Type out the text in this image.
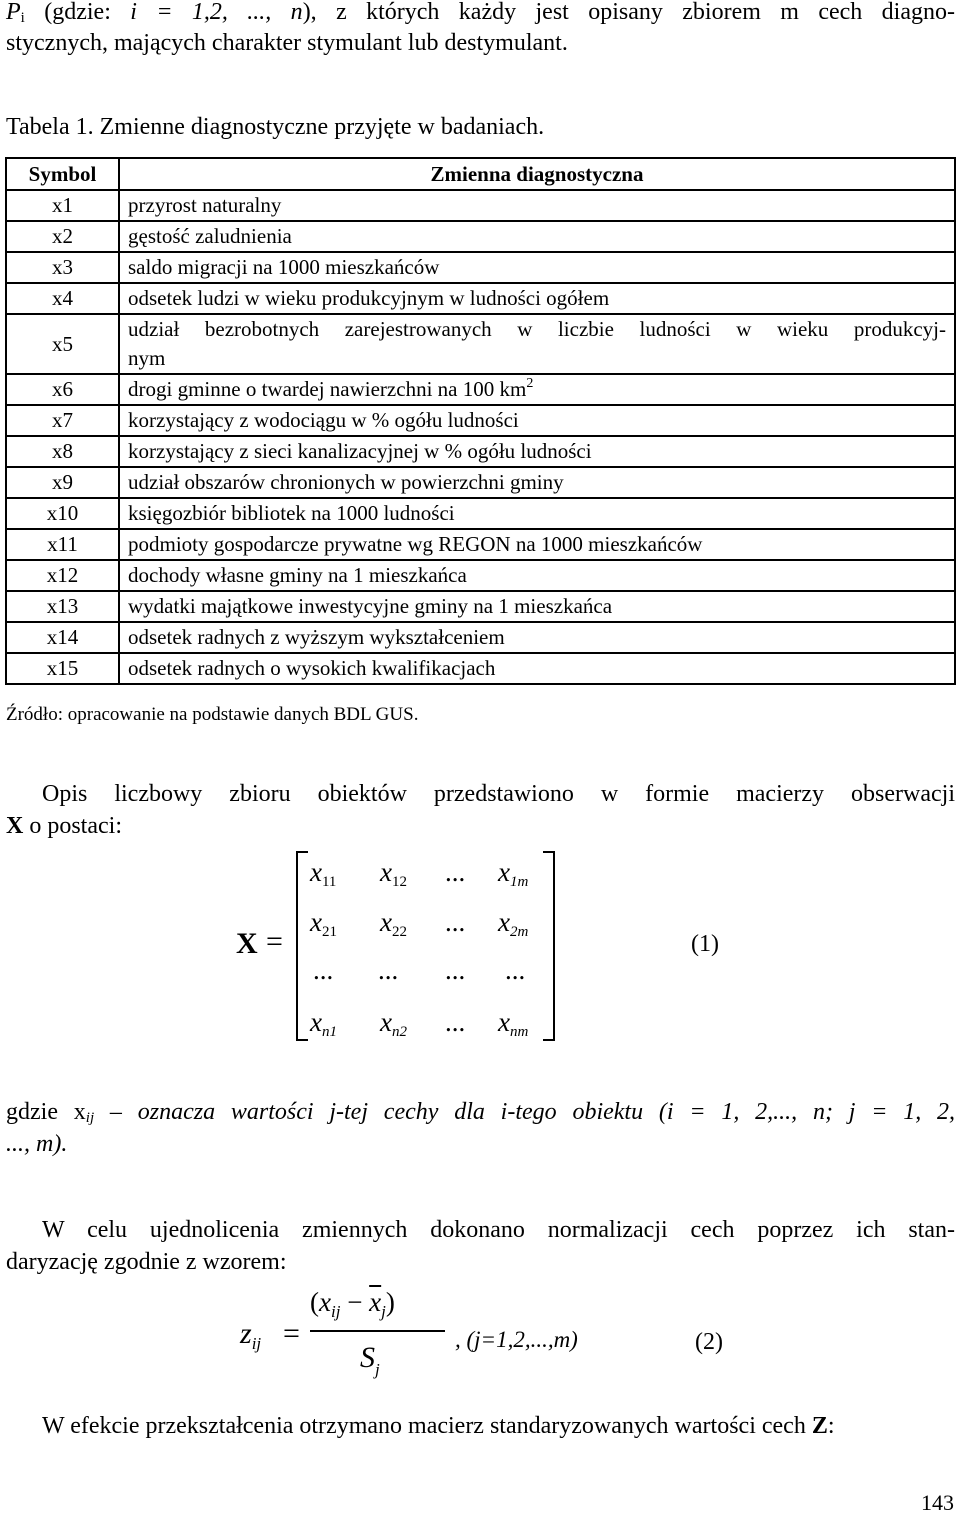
$P_i$ (gdzie: i = 1,2, ..., n), z których każdy jest opisany zbiorem m cech diagno-
stycznych, mających charakter stymulant lub destymulant.
Tabela 1. Zmienne diagnostyczne przyjęte w badaniach.
Symbol	Zmienna diagnostyczna
x1	przyrost naturalny
x2	gęstość zaludnienia
x3	saldo migracji na 1000 mieszkańców
x4	odsetek ludzi w wieku produkcyjnym w ludności ogółem
x5	udział bezrobotnych zarejestrowanych w liczbie ludności w wieku produkcyj-
nym

x6	drogi gminne o twardej nawierzchni na 100 $km^2$
x7	korzystający z wodociągu w % ogółu ludności
x8	korzystający z sieci kanalizacyjnej w % ogółu ludności
x9	udział obszarów chronionych w powierzchni gminy
x10	księgozbiór bibliotek na 1000 ludności
x11	podmioty gospodarcze prywatne wg REGON na 1000 mieszkańców
x12	dochody własne gminy na 1 mieszkańca
x13	wydatki majątkowe inwestycyjne gminy na 1 mieszkańca
x14	odsetek radnych z wyższym wykształceniem
x15	odsetek radnych o wysokich kwalifikacjach
Źródło: opracowanie na podstawie danych BDL GUS.
Opis liczbowy zbioru obiektów przedstawiono w formie macierzy obserwacji
X o postaci:
X =
$x_{11}$ $x_{12}$ ... $x_{1m}$
$x_{21}$ $x_{22}$ ... $x_{2m}$
... ... ... ...
$x_{n1}$ $x_{n2}$ ... $x_{nm}$
(1)
gdzie $x_{ij}$ – oznacza wartości j-tej cechy dla i-tego obiektu (i = 1, 2,..., n; j = 1, 2,
..., m).
W celu ujednolicenia zmiennych dokonano normalizacji cech poprzez ich stan-
daryzację zgodnie z wzorem:
$z_{ij}$ =
$(x_{ij} - \overline{x}_j)$
$S_j$
, (j=1,2,...,m)	(2)
W efekcie przekształcenia otrzymano macierz standaryzowanych wartości cech Z:
143
